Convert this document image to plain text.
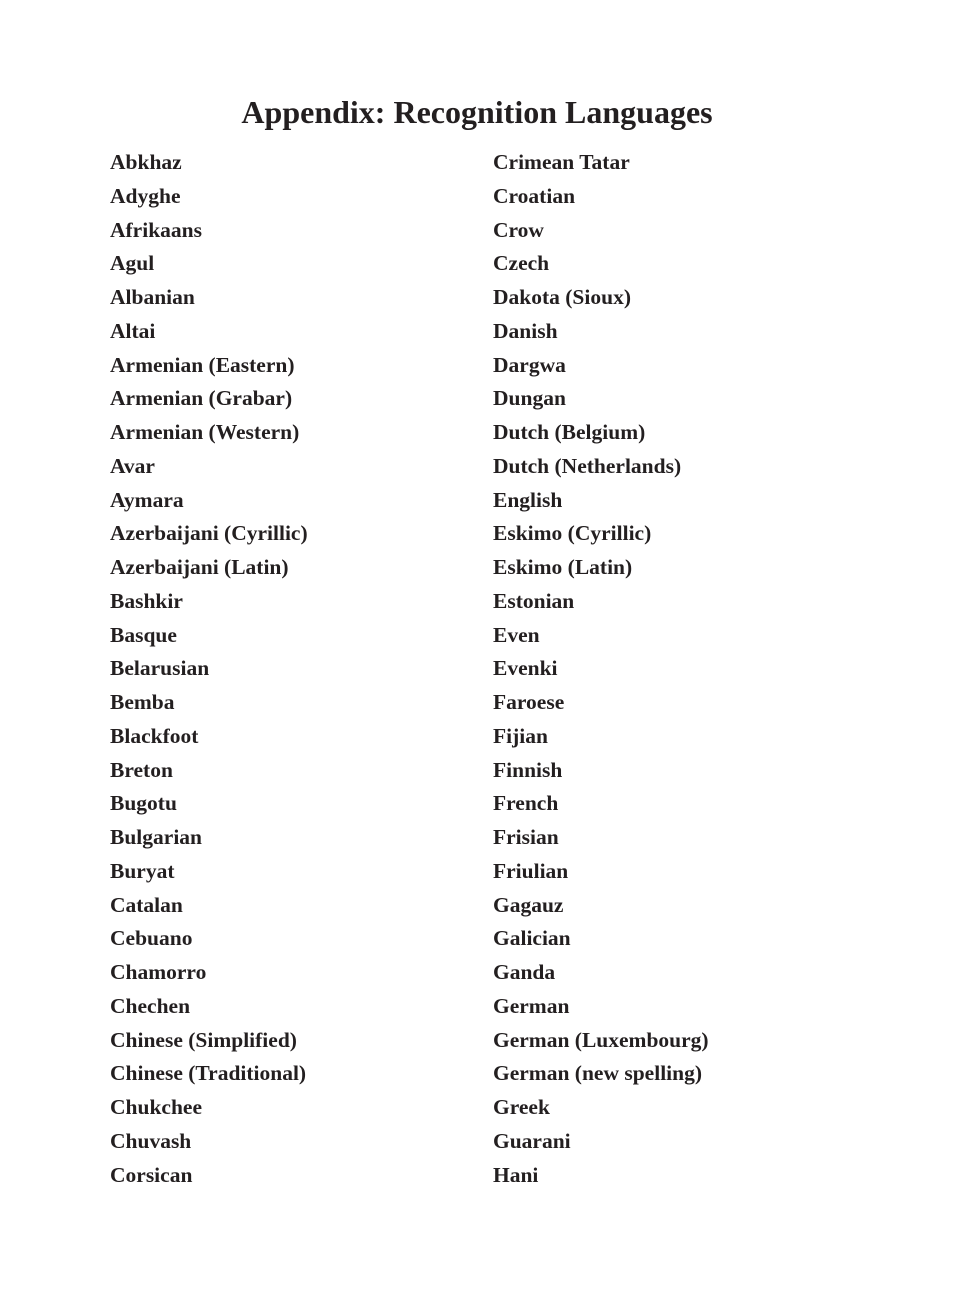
Appendix: Recognition Languages
Abkhaz
Adyghe
Afrikaans
Agul
Albanian
Altai
Armenian (Eastern)
Armenian (Grabar)
Armenian (Western)
Avar
Aymara
Azerbaijani (Cyrillic)
Azerbaijani (Latin)
Bashkir
Basque
Belarusian
Bemba
Blackfoot
Breton
Bugotu
Bulgarian
Buryat
Catalan
Cebuano
Chamorro
Chechen
Chinese (Simplified)
Chinese (Traditional)
Chukchee
Chuvash
Corsican
Crimean Tatar
Croatian
Crow
Czech
Dakota (Sioux)
Danish
Dargwa
Dungan
Dutch (Belgium)
Dutch (Netherlands)
English
Eskimo (Cyrillic)
Eskimo (Latin)
Estonian
Even
Evenki
Faroese
Fijian
Finnish
French
Frisian
Friulian
Gagauz
Galician
Ganda
German
German (Luxembourg)
German (new spelling)
Greek
Guarani
Hani
